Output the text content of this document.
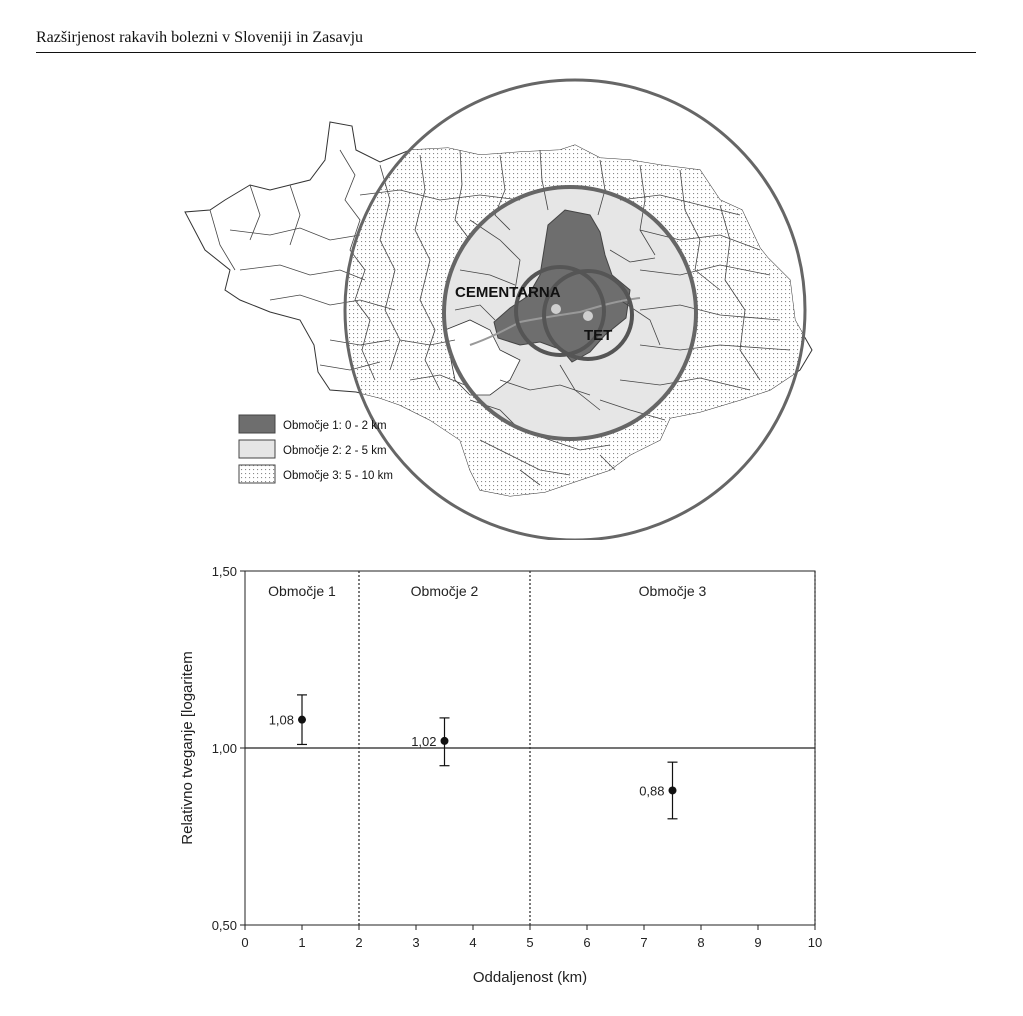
Razširjenost rakavih bolezni v Sloveniji in Zasavju
CEMENTARNA
TET
Območje 1: 0 - 2 km
Območje 2: 2 - 5 km
Območje 3: 5 - 10 km
Območje 1	Območje 2	Območje 3
0	1	2	3	4	5	6	7	8	9	10
0,50
1,00
1,50
1,08
1,02
0,88
Oddaljenost (km)
Relativno tveganje [logaritem
